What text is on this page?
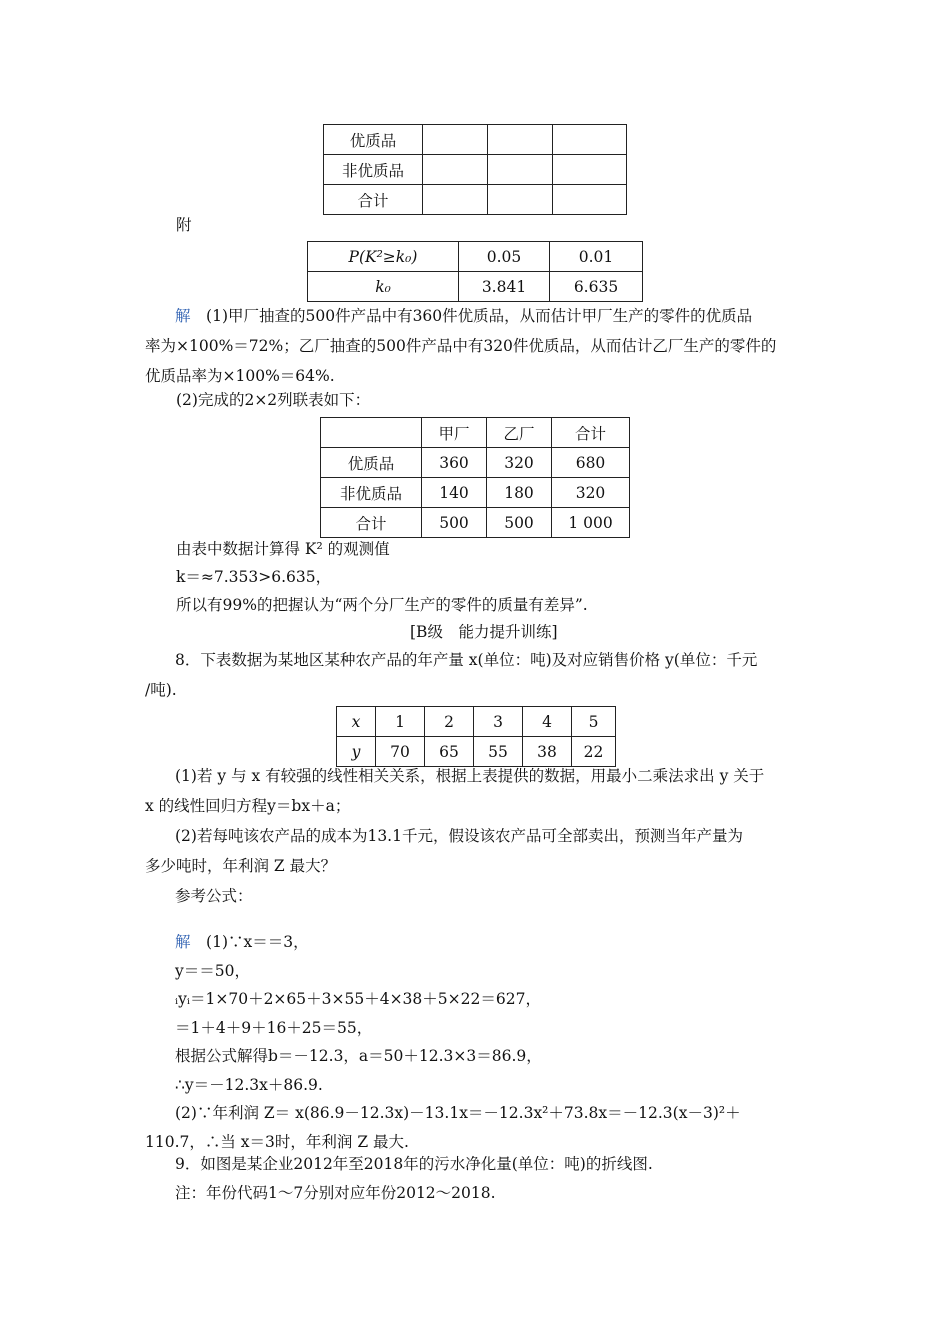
优质品			
非优质品			
合计			
附
P(K²≥k₀)	0.05	0.01
k₀	3.841	6.635
解　 (1)甲厂抽查的500件产品中有360件优质品，从而估计甲厂生产的零件的优质品
率为×100%＝72%；乙厂抽查的500件产品中有320件优质品，从而估计乙厂生产的零件的
优质品率为×100%＝64%.
(2)完成的2×2列联表如下：
	甲厂	乙厂	合计
优质品	360	320	680
非优质品	140	180	320
合计	500	500	1 000
由表中数据计算得 K² 的观测值
k＝≈7.353>6.635，
所以有99%的把握认为“两个分厂生产的零件的质量有差异”.
[B级　能力提升训练]
8．下表数据为某地区某种农产品的年产量 x(单位：吨)及对应销售价格 y(单位：千元
/吨).
x	1	2	3	4	5
y	70	65	55	38	22
(1)若 y 与 x 有较强的线性相关关系，根据上表提供的数据，用最小二乘法求出 y 关于
x 的线性回归方程y＝bx＋a；
(2)若每吨该农产品的成本为13.1千元，假设该农产品可全部卖出，预测当年产量为
多少吨时，年利润 Z 最大？
参考公式：
解　 (1)∵x＝＝3，
y＝＝50，
ᵢyᵢ＝1×70＋2×65＋3×55＋4×38＋5×22＝627，
＝1＋4＋9＋16＋25＝55，
根据公式解得b＝－12.3，a＝50＋12.3×3＝86.9，
∴y＝－12.3x＋86.9.
(2)∵年利润 Z＝ x(86.9－12.3x)－13.1x＝－12.3x²＋73.8x＝－12.3(x－3)²＋
110.7，∴当 x＝3时，年利润 Z 最大.
9．如图是某企业2012年至2018年的污水净化量(单位：吨)的折线图.
注：年份代码1～7分别对应年份2012～2018.
